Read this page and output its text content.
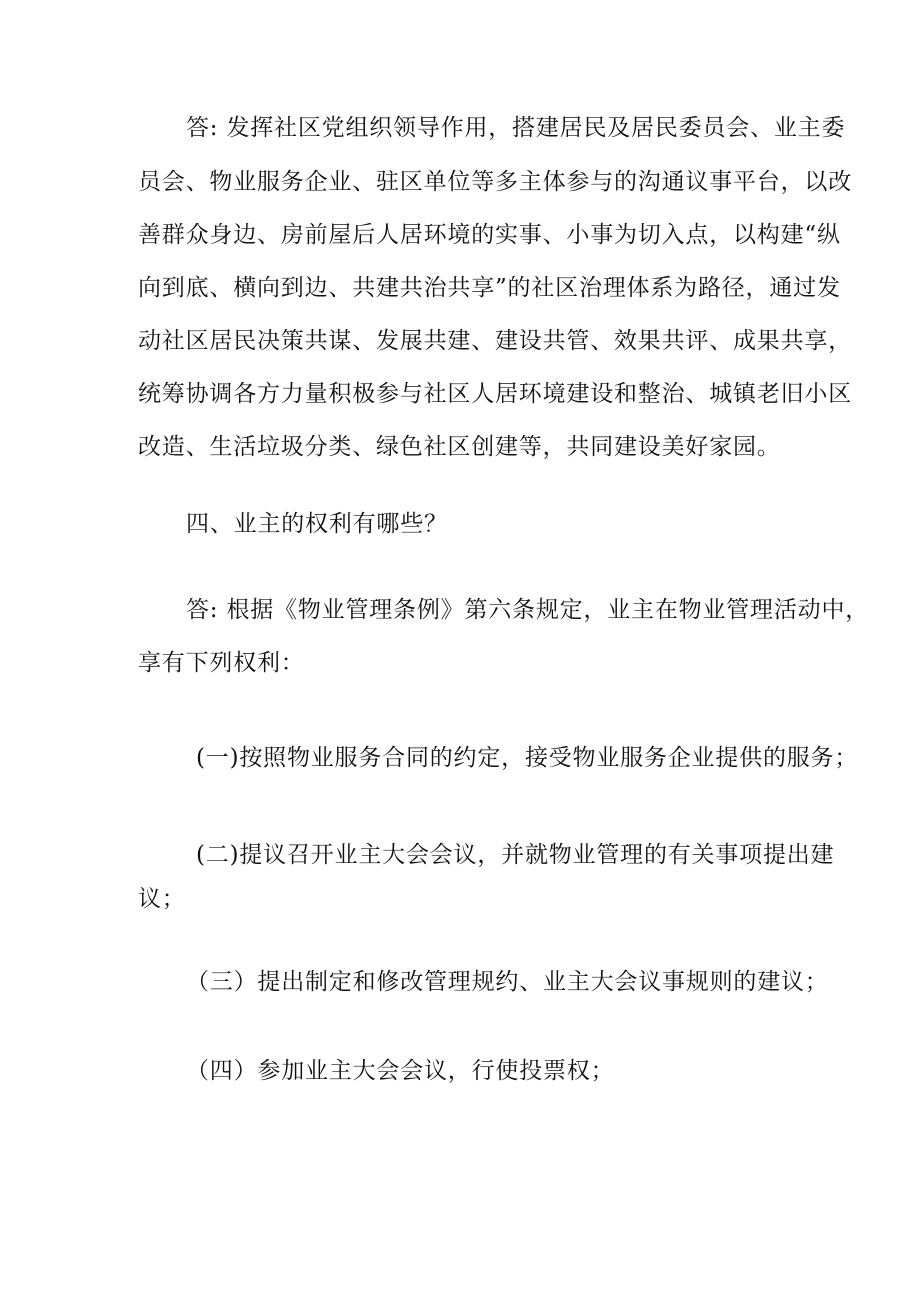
答: 发挥社区党组织领导作用，搭建居民及居民委员会、业主委
员会、物业服务企业、驻区单位等多主体参与的沟通议事平台，以改
善群众身边、房前屋后人居环境的实事、小事为切入点，以构建“纵
向到底、横向到边、共建共治共享”的社区治理体系为路径，通过发
动社区居民决策共谋、发展共建、建设共管、效果共评、成果共享，
统筹协调各方力量积极参与社区人居环境建设和整治、城镇老旧小区
改造、生活垃圾分类、绿色社区创建等，共同建设美好家园。
四、业主的权利有哪些？
答: 根据《物业管理条例》第六条规定，业主在物业管理活动中，
享有下列权利：
(一)按照物业服务合同的约定，接受物业服务企业提供的服务；
(二)提议召开业主大会会议，并就物业管理的有关事项提出建
议；
（三）提出制定和修改管理规约、业主大会议事规则的建议；
（四）参加业主大会会议，行使投票权；
